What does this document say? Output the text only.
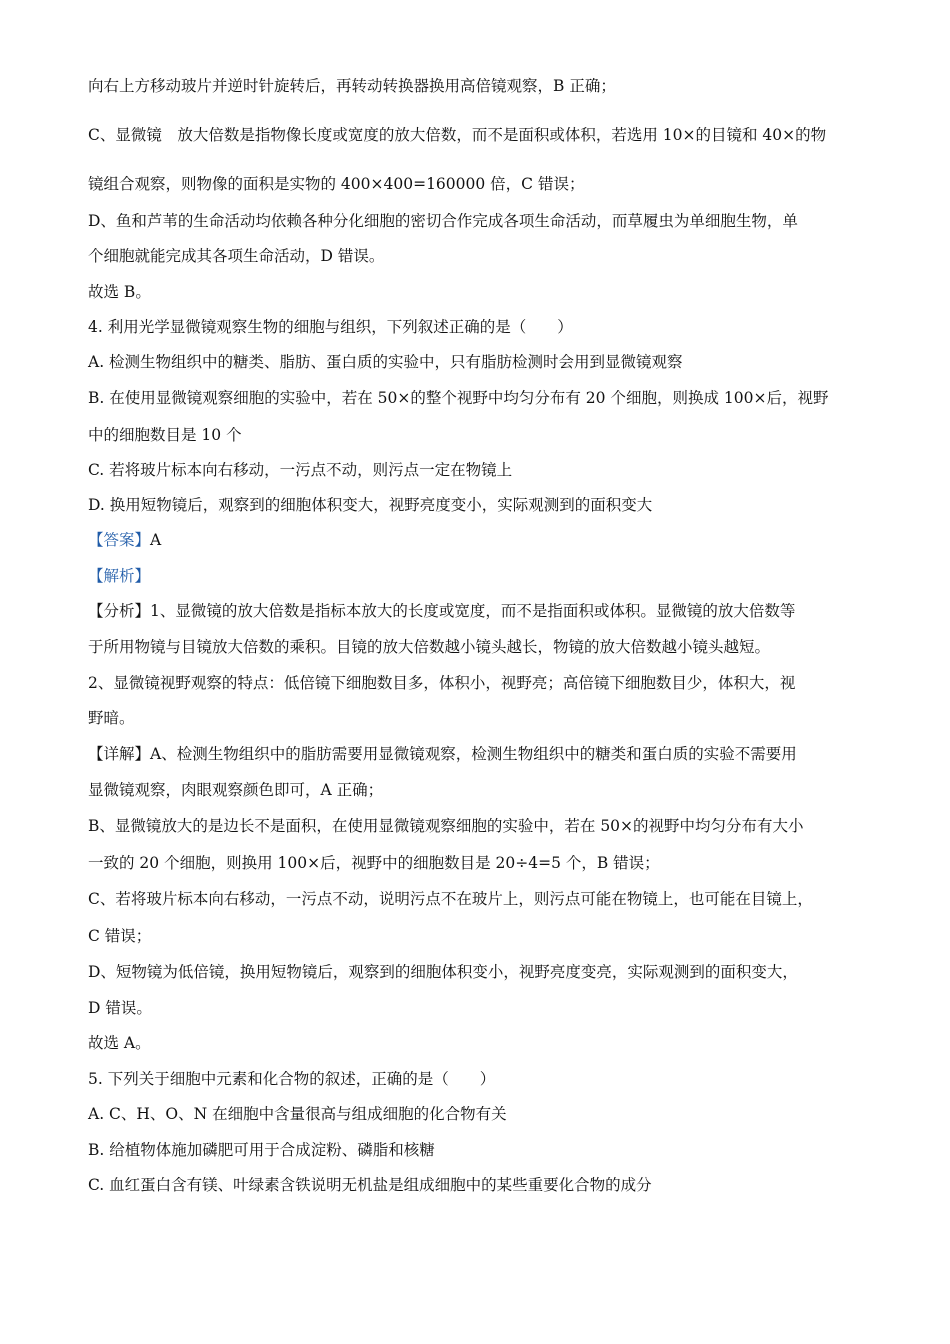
向右上方移动玻片并逆时针旋转后，再转动转换器换用高倍镜观察，B 正确；
C、显微镜　放大倍数是指物像长度或宽度的放大倍数，而不是面积或体积，若选用 10×的目镜和 40×的物
镜组合观察，则物像的面积是实物的 400×400=160000 倍，C 错误；
D、鱼和芦苇的生命活动均依赖各种分化细胞的密切合作完成各项生命活动，而草履虫为单细胞生物，单
个细胞就能完成其各项生命活动，D 错误。
故选 B。
4. 利用光学显微镜观察生物的细胞与组织，下列叙述正确的是（　　）
A. 检测生物组织中的糖类、脂肪、蛋白质的实验中，只有脂肪检测时会用到显微镜观察
B. 在使用显微镜观察细胞的实验中，若在 50×的整个视野中均匀分布有 20 个细胞，则换成 100×后，视野
中的细胞数目是 10 个
C. 若将玻片标本向右移动，一污点不动，则污点一定在物镜上
D. 换用短物镜后，观察到的细胞体积变大，视野亮度变小，实际观测到的面积变大
【答案】A
【解析】
【分析】1、显微镜的放大倍数是指标本放大的长度或宽度，而不是指面积或体积。显微镜的放大倍数等
于所用物镜与目镜放大倍数的乘积。目镜的放大倍数越小镜头越长，物镜的放大倍数越小镜头越短。
2、显微镜视野观察的特点：低倍镜下细胞数目多，体积小，视野亮；高倍镜下细胞数目少，体积大，视
野暗。
【详解】A、检测生物组织中的脂肪需要用显微镜观察，检测生物组织中的糖类和蛋白质的实验不需要用
显微镜观察，肉眼观察颜色即可，A 正确；
B、显微镜放大的是边长不是面积，在使用显微镜观察细胞的实验中，若在 50×的视野中均匀分布有大小
一致的 20 个细胞，则换用 100×后，视野中的细胞数目是 20÷4=5 个，B 错误；
C、若将玻片标本向右移动，一污点不动，说明污点不在玻片上，则污点可能在物镜上，也可能在目镜上，
C 错误；
D、短物镜为低倍镜，换用短物镜后，观察到的细胞体积变小，视野亮度变亮，实际观测到的面积变大，
D 错误。
故选 A。
5. 下列关于细胞中元素和化合物的叙述，正确的是（　　）
A. C、H、O、N 在细胞中含量很高与组成细胞的化合物有关
B. 给植物体施加磷肥可用于合成淀粉、磷脂和核糖
C. 血红蛋白含有镁、叶绿素含铁说明无机盐是组成细胞中的某些重要化合物的成分
